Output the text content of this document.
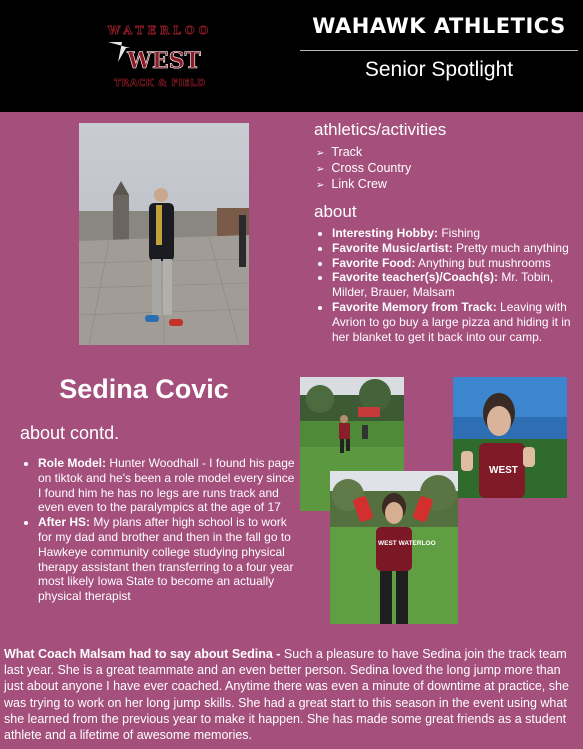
WATERLOO
WEST
TRACK & FIELD
WAHAWK ATHLETICS
Senior Spotlight
athletics/activities
➢ Track
➢ Cross Country
➢ Link Crew
about
• Interesting Hobby: Fishing
• Favorite Music/artist: Pretty much anything
• Favorite Food: Anything but mushrooms
• Favorite teacher(s)/Coach(s): Mr. Tobin, Milder, Brauer, Malsam
• Favorite Memory from Track: Leaving with Avrion to go buy a large pizza and hiding it in her blanket to get it back into our camp.
Sedina Covic
about contd.
• Role Model: Hunter Woodhall - I found his page on tiktok and he's been a role model every since I found him he has no legs are runs track and even even to the paralympics at the age of 17
• After HS: My plans after high school is to work for my dad and brother and then in the fall go to Hawkeye community college studying physical therapy assistant then transferring to a four year most likely Iowa State to become an actually physical therapist
WEST
WEST WATERLOO
What Coach Malsam had to say about Sedina - Such a pleasure to have Sedina join the track team last year. She is a great teammate and an even better person. Sedina loved the long jump more than just about anyone I have ever coached. Anytime there was even a minute of downtime at practice, she was trying to work on her long jump skills. She had a great start to this season in the event using what she learned from the previous year to make it happen. She has made some great friends as a student athlete and a lifetime of awesome memories.
